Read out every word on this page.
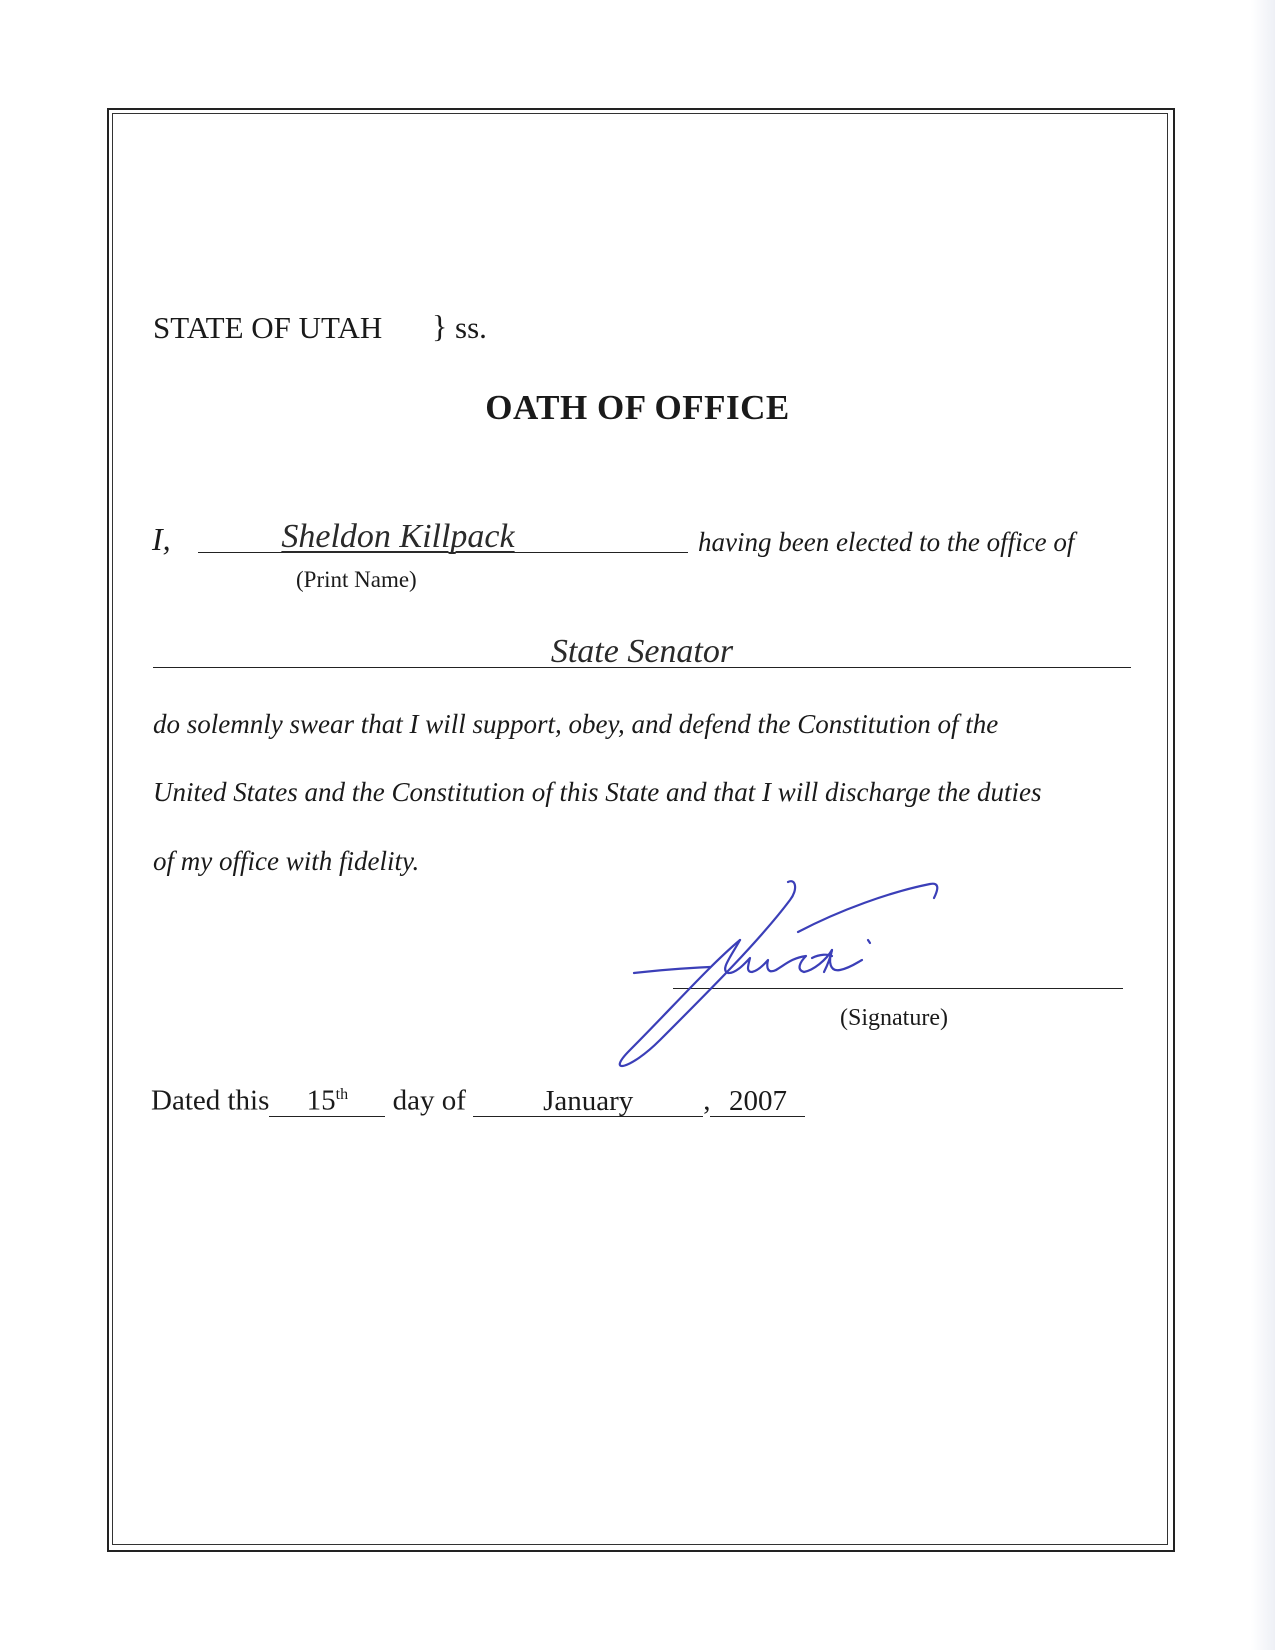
STATE OF UTAH } ss.
OATH OF OFFICE
I,	Sheldon Killpack	having been elected to the office of
(Print Name)
State Senator
do solemnly swear that I will support, obey, and defend the Constitution of the
United States and the Constitution of this State and that I will discharge the duties
of my office with fidelity.
(Signature)
Dated this 15th day of	January , 2007
